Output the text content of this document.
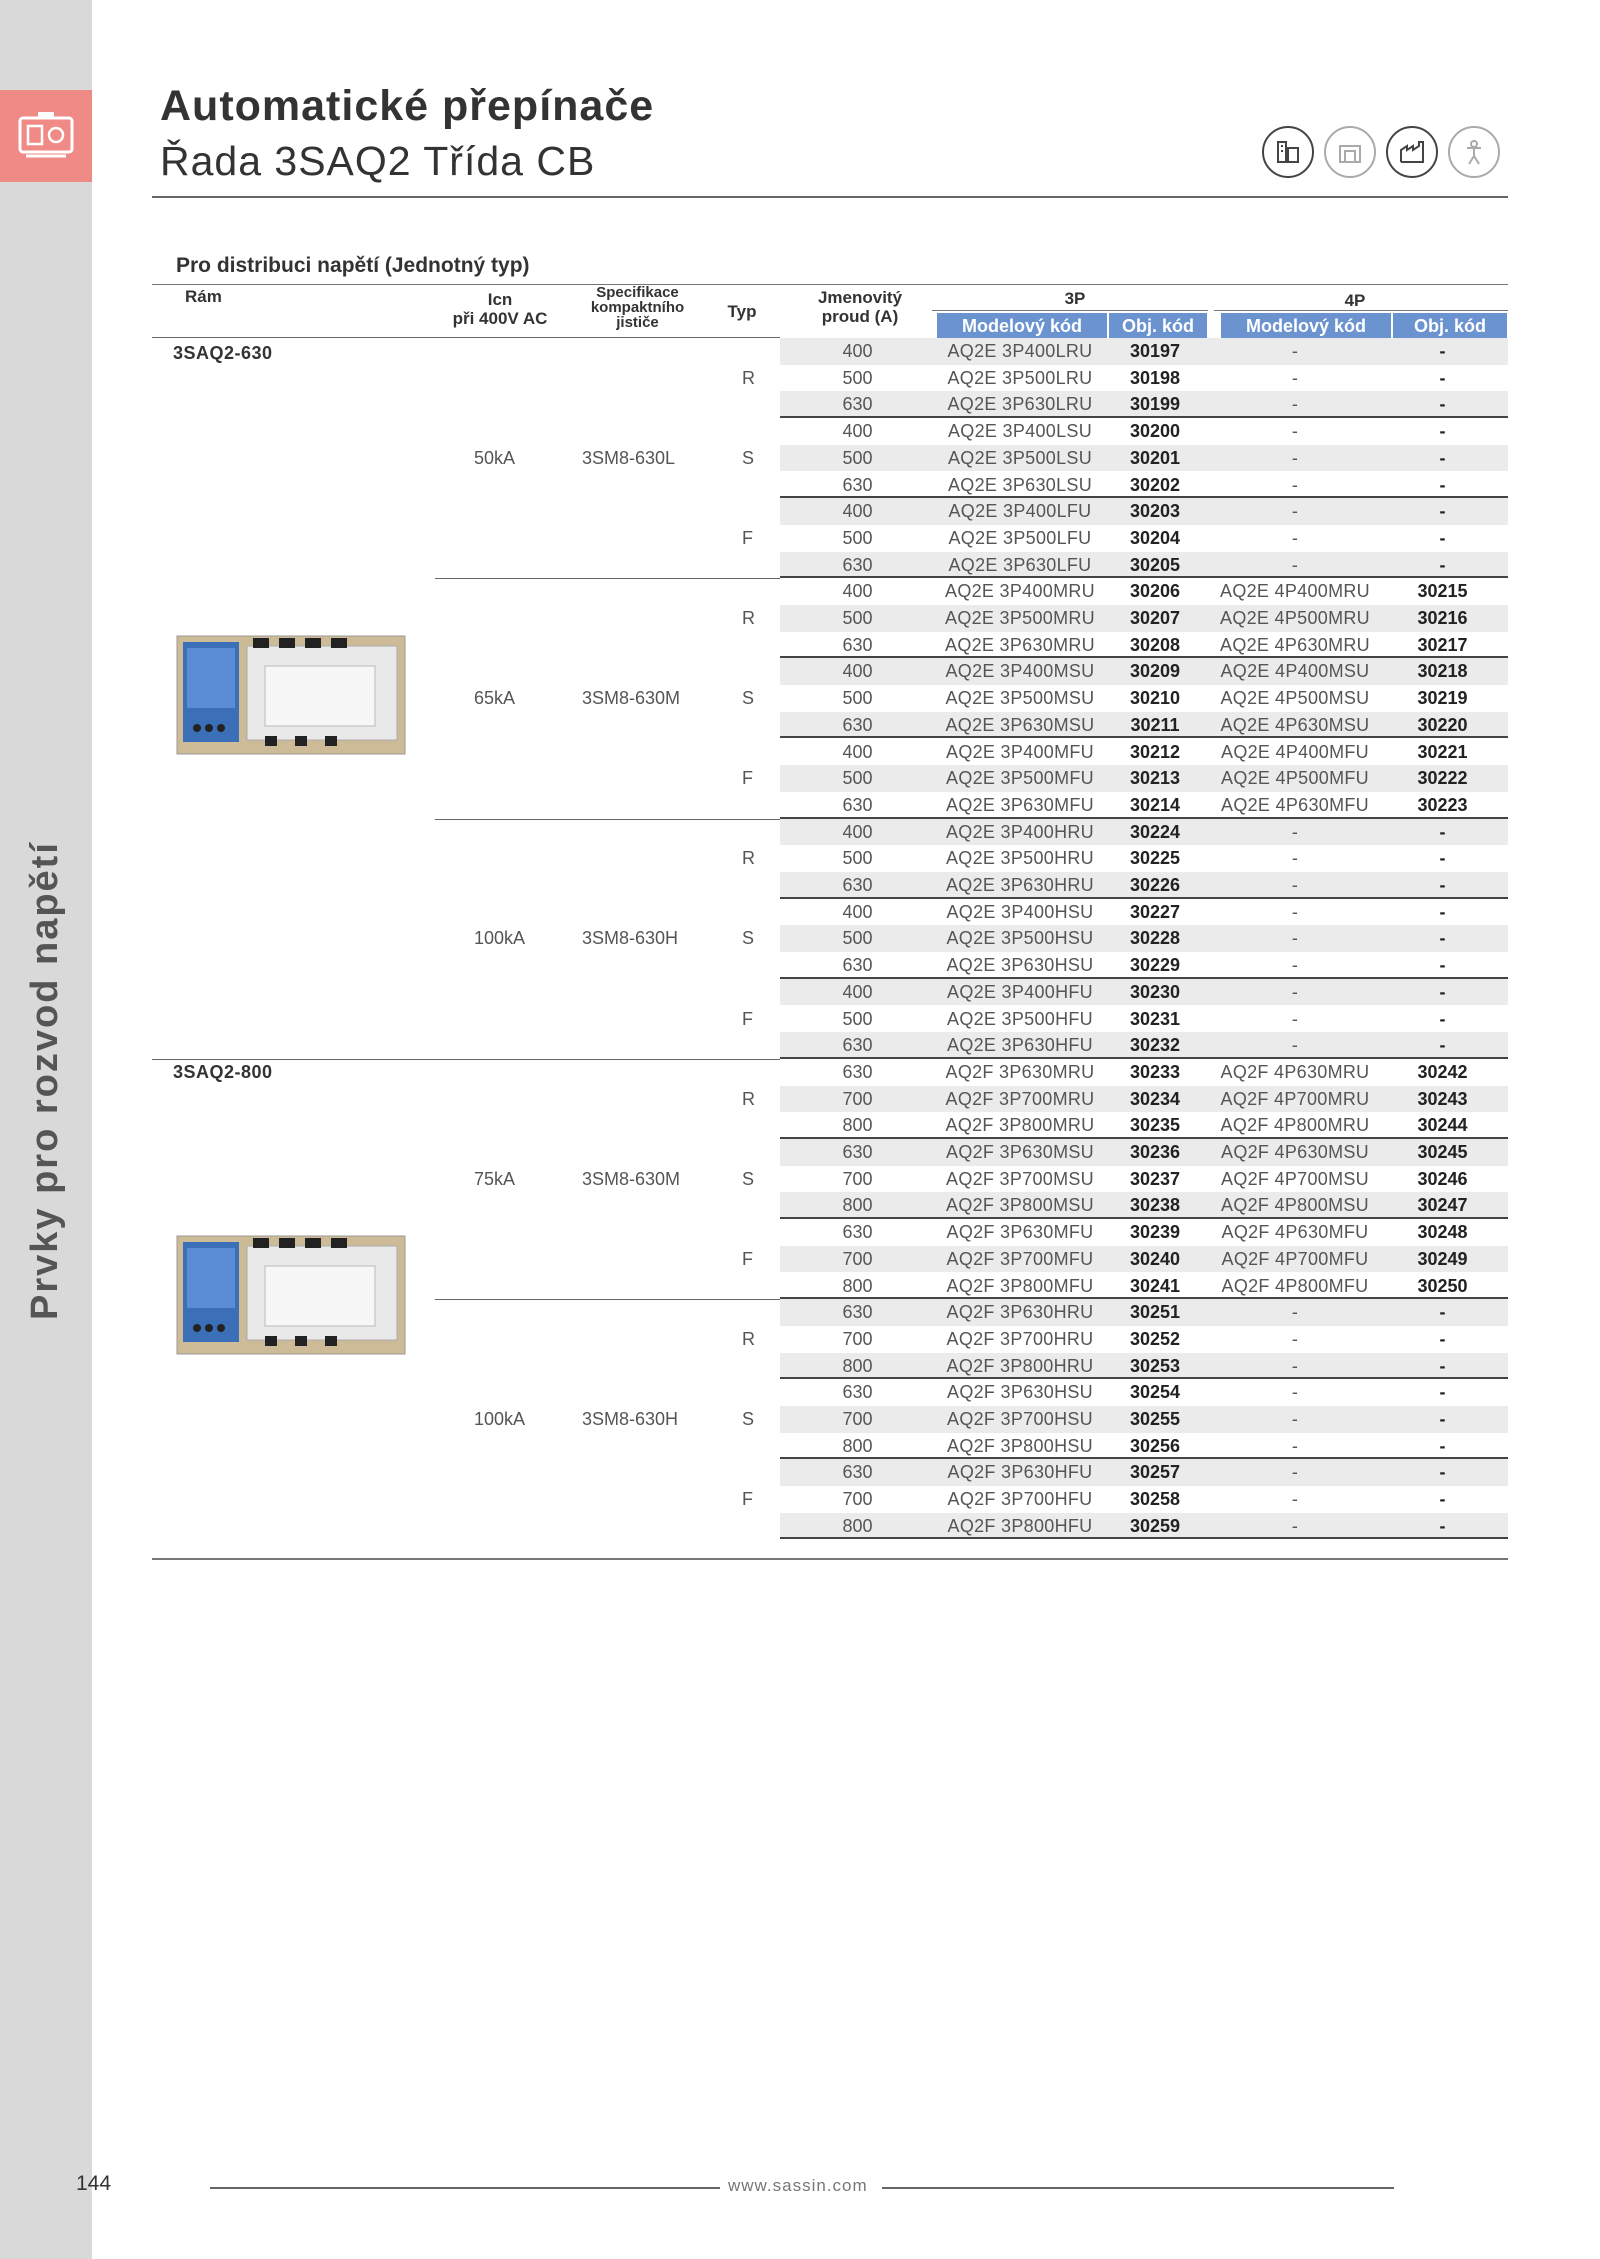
Automatické přepínače
Řada 3SAQ2 Třída CB
Pro distribuci napětí (Jednotný typ)
Rám	Icn
při 400V AC
Specifikace
kompaktního
jističe
Typ
Jmenovitý
proud (A)
3P	4P
Modelový kód	Obj. kód	Modelový kód	Obj. kód
3SAQ2-630
3SAQ2-800
R
S
F
R
S
F
R
S
F
R
S
F
R
S
F
50kA	3SM8-630L
65kA	3SM8-630M
100kA	3SM8-630H
75kA	3SM8-630M
100kA	3SM8-630H
400	AQ2E 3P400LRU	30197	-	-
500	AQ2E 3P500LRU	30198	-	-
630	AQ2E 3P630LRU	30199	-	-
400	AQ2E 3P400LSU	30200	-	-
500	AQ2E 3P500LSU	30201	-	-
630	AQ2E 3P630LSU	30202	-	-
400	AQ2E 3P400LFU	30203	-	-
500	AQ2E 3P500LFU	30204	-	-
630	AQ2E 3P630LFU	30205	-	-
400	AQ2E 3P400MRU	30206	AQ2E 4P400MRU	30215
500	AQ2E 3P500MRU	30207	AQ2E 4P500MRU	30216
630	AQ2E 3P630MRU	30208	AQ2E 4P630MRU	30217
400	AQ2E 3P400MSU	30209	AQ2E 4P400MSU	30218
500	AQ2E 3P500MSU	30210	AQ2E 4P500MSU	30219
630	AQ2E 3P630MSU	30211	AQ2E 4P630MSU	30220
400	AQ2E 3P400MFU	30212	AQ2E 4P400MFU	30221
500	AQ2E 3P500MFU	30213	AQ2E 4P500MFU	30222
630	AQ2E 3P630MFU	30214	AQ2E 4P630MFU	30223
400	AQ2E 3P400HRU	30224	-	-
500	AQ2E 3P500HRU	30225	-	-
630	AQ2E 3P630HRU	30226	-	-
400	AQ2E 3P400HSU	30227	-	-
500	AQ2E 3P500HSU	30228	-	-
630	AQ2E 3P630HSU	30229	-	-
400	AQ2E 3P400HFU	30230	-	-
500	AQ2E 3P500HFU	30231	-	-
630	AQ2E 3P630HFU	30232	-	-
630	AQ2F 3P630MRU	30233	AQ2F 4P630MRU	30242
700	AQ2F 3P700MRU	30234	AQ2F 4P700MRU	30243
800	AQ2F 3P800MRU	30235	AQ2F 4P800MRU	30244
630	AQ2F 3P630MSU	30236	AQ2F 4P630MSU	30245
700	AQ2F 3P700MSU	30237	AQ2F 4P700MSU	30246
800	AQ2F 3P800MSU	30238	AQ2F 4P800MSU	30247
630	AQ2F 3P630MFU	30239	AQ2F 4P630MFU	30248
700	AQ2F 3P700MFU	30240	AQ2F 4P700MFU	30249
800	AQ2F 3P800MFU	30241	AQ2F 4P800MFU	30250
630	AQ2F 3P630HRU	30251	-	-
700	AQ2F 3P700HRU	30252	-	-
800	AQ2F 3P800HRU	30253	-	-
630	AQ2F 3P630HSU	30254	-	-
700	AQ2F 3P700HSU	30255	-	-
800	AQ2F 3P800HSU	30256	-	-
630	AQ2F 3P630HFU	30257	-	-
700	AQ2F 3P700HFU	30258	-	-
800	AQ2F 3P800HFU	30259	-	-
144	www.sassin.com
